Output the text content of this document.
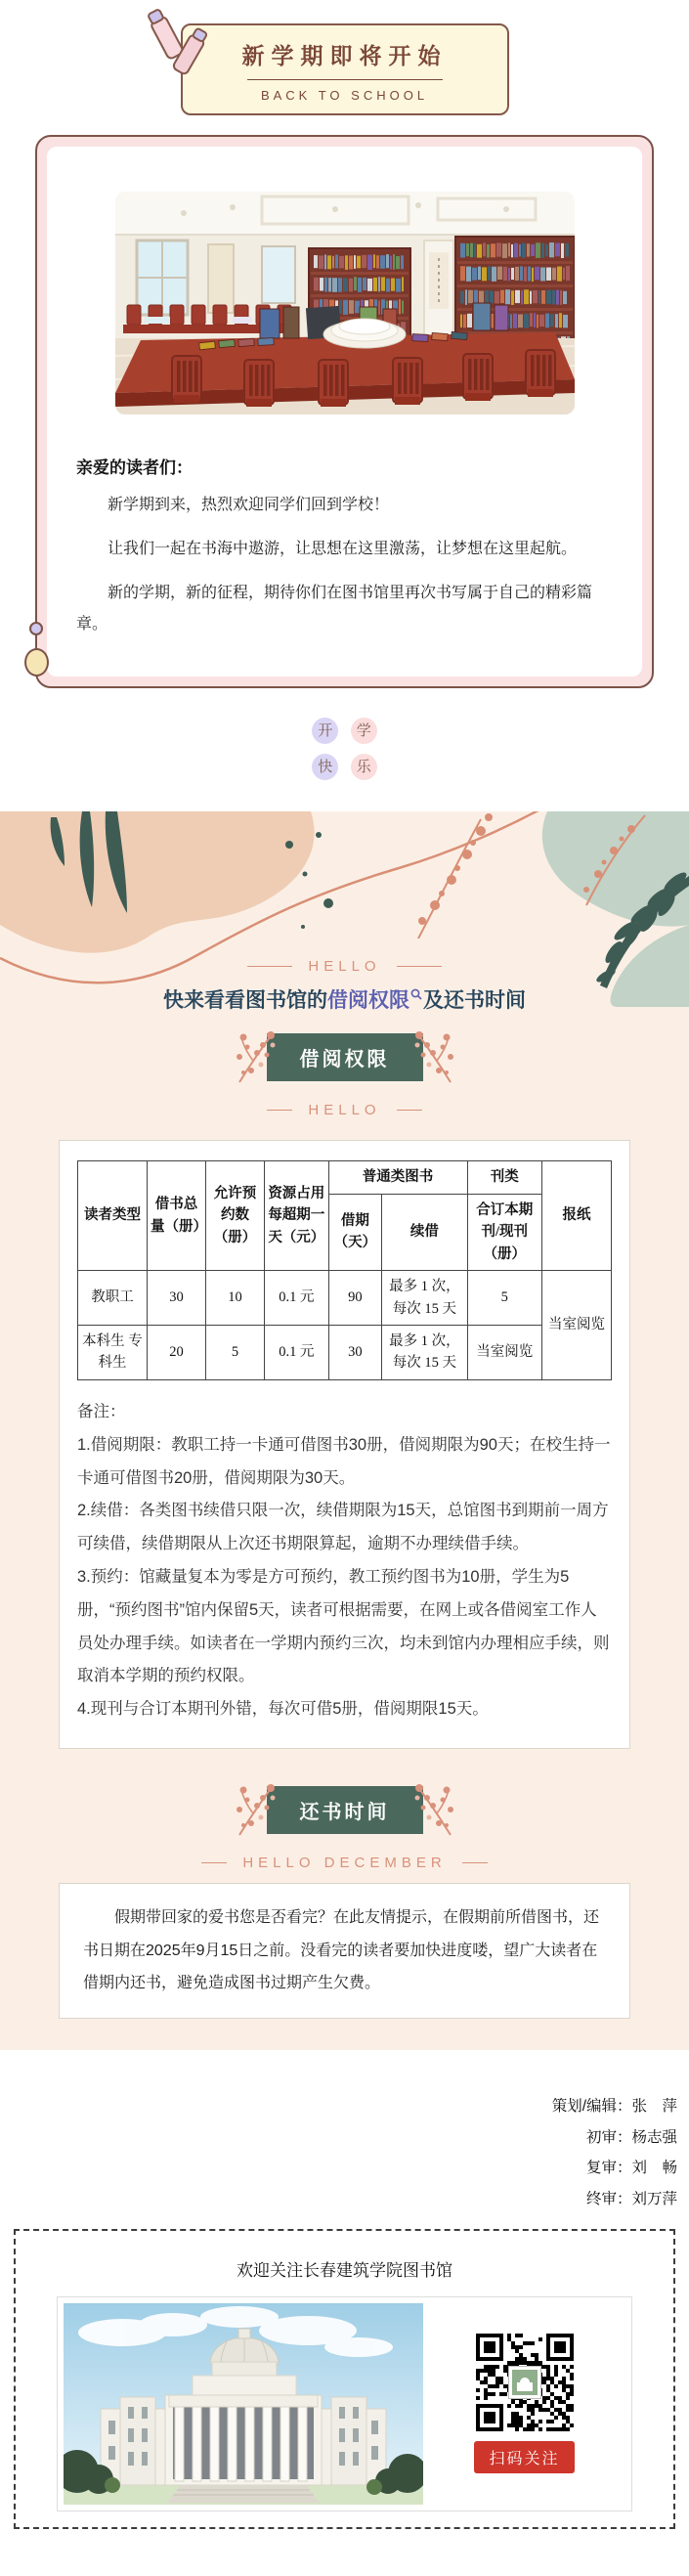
新学期即将开始
BACK TO SCHOOL

亲爱的读者们：

新学期到来，热烈欢迎同学们回到学校！

让我们一起在书海中遨游，让思想在这里激荡，让梦想在这里起航。

新的学期，新的征程，期待你们在图书馆里再次书写属于自己的精彩篇章。

开 学
快 乐
HELLO
快来看看图书馆的借阅权限 及还书时间
借阅权限
HELLO
读者类型	借书总量（册）	允许预约数（册）	资源占用每超期一天（元）	普通类图书		刊类	报纸
				借期（天）	续借	合订本期刊/现刊（册）	
教职工	30	10	0.1 元	90	最多 1 次，每次 15 天	5	当室阅览
本科生 专科生	20	5	0.1 元	30	最多 1 次，每次 15 天	当室阅览	

备注：

1.借阅期限：教职工持一卡通可借图书30册，借阅期限为90天；在校生持一卡通可借图书20册，借阅期限为30天。

2.续借：各类图书续借只限一次，续借期限为15天，总馆图书到期前一周方可续借，续借期限从上次还书期限算起，逾期不办理续借手续。

3.预约：馆藏量复本为零是方可预约，教工预约图书为10册，学生为5册，“预约图书”馆内保留5天，读者可根据需要，在网上或各借阅室工作人员处办理手续。如读者在一学期内预约三次，均未到馆内办理相应手续，则取消本学期的预约权限。

4.现刊与合订本期刊外错，每次可借5册，借阅期限15天。

还书时间
HELLO DECEMBER

假期带回家的爱书您是否看完？在此友情提示，在假期前所借图书，还书日期在2025年9月15日之前。没看完的读者要加快进度喽，望广大读者在借期内还书，避免造成图书过期产生欠费。

策划/编辑：张　萍

初审：杨志强

复审：刘　畅

终审：刘万萍

欢迎关注长春建筑学院图书馆

扫码关注
